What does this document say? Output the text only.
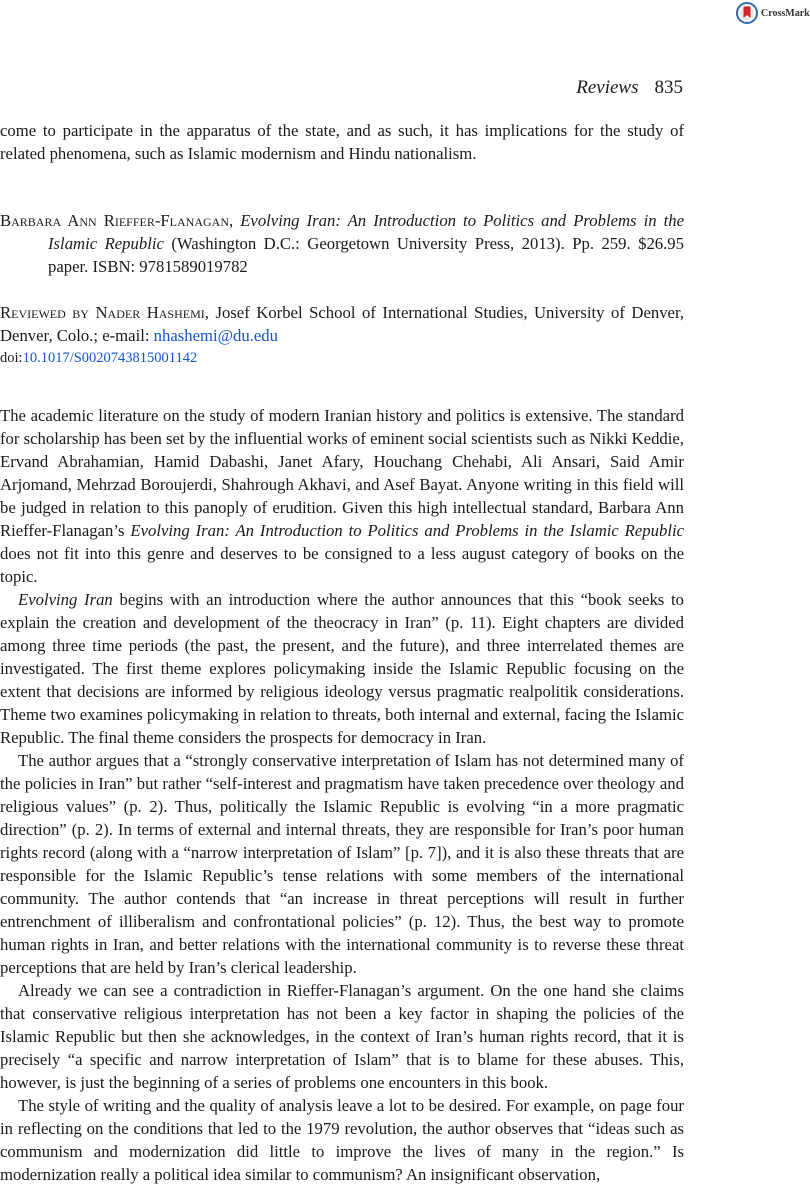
CrossMark
Reviews 835

come to participate in the apparatus of the state, and as such, it has implications for the study of related phenomena, such as Islamic modernism and Hindu nationalism.

Barbara Ann Rieffer-Flanagan, Evolving Iran: An Introduction to Politics and Problems in the Islamic Republic (Washington D.C.: Georgetown University Press, 2013). Pp. 259. $26.95 paper. ISBN: 9781589019782

Reviewed by Nader Hashemi, Josef Korbel School of International Studies, University of Denver, Denver, Colo.; e-mail: nhashemi@du.edu

doi:10.1017/S0020743815001142

The academic literature on the study of modern Iranian history and politics is extensive. The standard for scholarship has been set by the influential works of eminent social scientists such as Nikki Keddie, Ervand Abrahamian, Hamid Dabashi, Janet Afary, Houchang Chehabi, Ali Ansari, Said Amir Arjomand, Mehrzad Boroujerdi, Shahrough Akhavi, and Asef Bayat. Anyone writing in this field will be judged in relation to this panoply of erudition. Given this high intellectual standard, Barbara Ann Rieffer-Flanagan’s Evolving Iran: An Introduction to Politics and Problems in the Islamic Republic does not fit into this genre and deserves to be consigned to a less august category of books on the topic.

Evolving Iran begins with an introduction where the author announces that this “book seeks to explain the creation and development of the theocracy in Iran” (p. 11). Eight chapters are divided among three time periods (the past, the present, and the future), and three interrelated themes are investigated. The first theme explores policymaking inside the Islamic Republic focusing on the extent that decisions are informed by religious ideology versus pragmatic realpolitik considerations. Theme two examines policymaking in relation to threats, both internal and external, facing the Islamic Republic. The final theme considers the prospects for democracy in Iran.

The author argues that a “strongly conservative interpretation of Islam has not determined many of the policies in Iran” but rather “self-interest and pragmatism have taken precedence over theology and religious values” (p. 2). Thus, politically the Islamic Republic is evolving “in a more pragmatic direction” (p. 2). In terms of external and internal threats, they are responsible for Iran’s poor human rights record (along with a “narrow interpretation of Islam” [p. 7]), and it is also these threats that are responsible for the Islamic Republic’s tense relations with some members of the international community. The author contends that “an increase in threat perceptions will result in further entrenchment of illiberalism and confrontational policies” (p. 12). Thus, the best way to promote human rights in Iran, and better relations with the international community is to reverse these threat perceptions that are held by Iran’s clerical leadership.

Already we can see a contradiction in Rieffer-Flanagan’s argument. On the one hand she claims that conservative religious interpretation has not been a key factor in shaping the policies of the Islamic Republic but then she acknowledges, in the context of Iran’s human rights record, that it is precisely “a specific and narrow interpretation of Islam” that is to blame for these abuses. This, however, is just the beginning of a series of problems one encounters in this book.

The style of writing and the quality of analysis leave a lot to be desired. For example, on page four in reflecting on the conditions that led to the 1979 revolution, the author observes that “ideas such as communism and modernization did little to improve the lives of many in the region.” Is modernization really a political idea similar to communism? An insignificant observation,
